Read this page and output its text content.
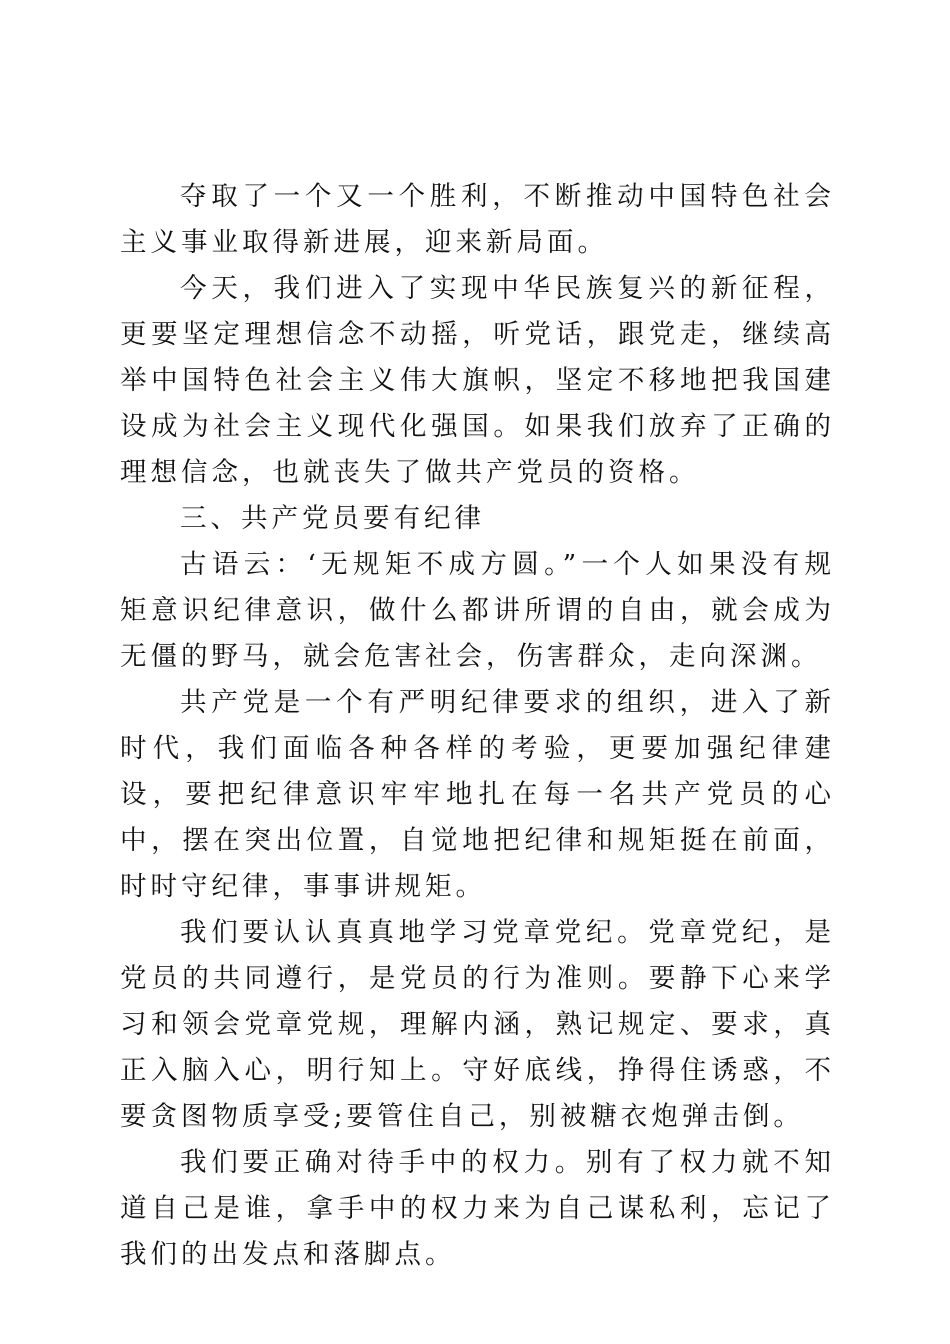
夺取了一个又一个胜利，不断推动中国特色社会主义事业取得新进展，迎来新局面。

今天，我们进入了实现中华民族复兴的新征程，更要坚定理想信念不动摇，听党话，跟党走，继续高举中国特色社会主义伟大旗帜，坚定不移地把我国建设成为社会主义现代化强国。如果我们放弃了正确的理想信念，也就丧失了做共产党员的资格。

三、共产党员要有纪律

古语云：‘无规矩不成方圆。”一个人如果没有规矩意识纪律意识，做什么都讲所谓的自由，就会成为无僵的野马，就会危害社会，伤害群众，走向深渊。

共产党是一个有严明纪律要求的组织，进入了新时代，我们面临各种各样的考验，更要加强纪律建设，要把纪律意识牢牢地扎在每一名共产党员的心中，摆在突出位置，自觉地把纪律和规矩挺在前面，时时守纪律，事事讲规矩。

我们要认认真真地学习党章党纪。党章党纪，是党员的共同遵行，是党员的行为准则。要静下心来学习和领会党章党规，理解内涵，熟记规定、要求，真正入脑入心，明行知上。守好底线，挣得住诱惑，不要贪图物质享受;要管住自己，别被糖衣炮弹击倒。

我们要正确对待手中的权力。别有了权力就不知道自己是谁，拿手中的权力来为自己谋私利，忘记了我们的出发点和落脚点。
